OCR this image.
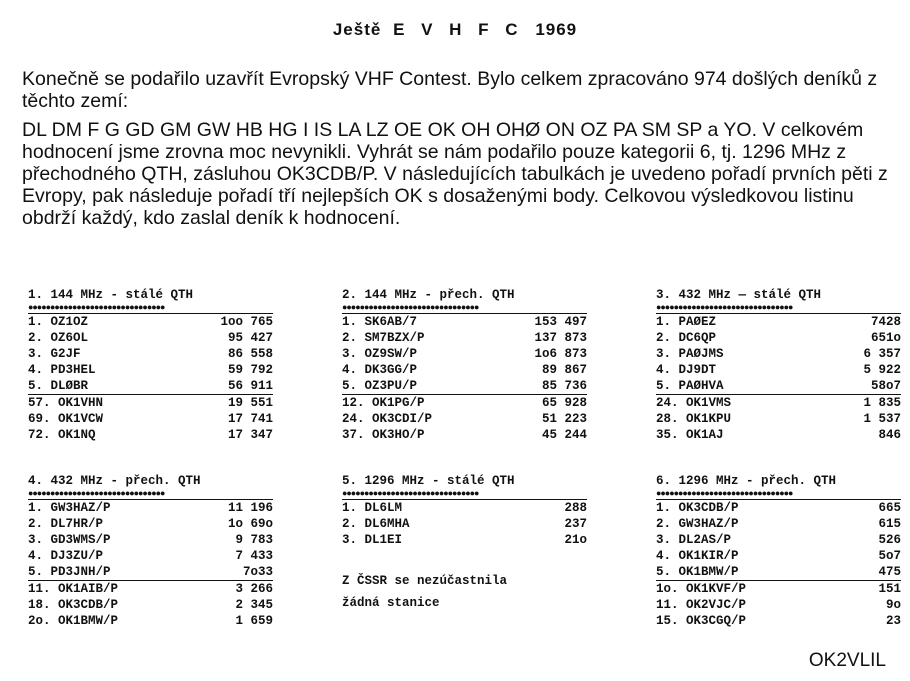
Ještě E V H F C 1969

Konečně se podařilo uzavřít Evropský VHF Contest. Bylo celkem zpracováno 974 došlých deníků z těchto zemí:

DL DM F G GD GM GW HB HG I IS LA LZ OE OK OH OHØ ON OZ PA SM SP a YO. V celkovém hodnocení jsme zrovna moc nevynikli. Vyhrát se nám podařilo pouze kategorii 6, tj. 1296 MHz z přechodného QTH, zásluhou OK3CDB/P. V následujících tabulkách je uvedeno pořadí prvních pěti z Evropy, pak následuje pořadí tří nejlepších OK s dosaženými body. Celkovou výsledkovou listinu obdrží každý, kdo zaslal deník k hodnocení.

1. 144 MHz - stálé QTH
●●●●●●●●●●●●●●●●●●●●●●●●●●●●●●●
1. OZ1OZ	1oo 765
2. OZ6OL	95 427
3. G2JF	86 558
4. PD3HEL	59 792
5. DLØBR	56 911
57. OK1VHN	19 551
69. OK1VCW	17 741
72. OK1NQ	17 347
2. 144 MHz - přech. QTH
●●●●●●●●●●●●●●●●●●●●●●●●●●●●●●●
1. SK6AB/7	153 497
2. SM7BZX/P	137 873
3. OZ9SW/P	1o6 873
4. DK3GG/P	89 867
5. OZ3PU/P	85 736
12. OK1PG/P	65 928
24. OK3CDI/P	51 223
37. OK3HO/P	45 244
3. 432 MHz — stálé QTH
●●●●●●●●●●●●●●●●●●●●●●●●●●●●●●●
1. PAØEZ	7428
2. DC6QP	651o
3. PAØJMS	6 357
4. DJ9DT	5 922
5. PAØHVA	58o7
24. OK1VMS	1 835
28. OK1KPU	1 537
35. OK1AJ	846
4. 432 MHz - přech. QTH
●●●●●●●●●●●●●●●●●●●●●●●●●●●●●●●
1. GW3HAZ/P	11 196
2. DL7HR/P	1o 69o
3. GD3WMS/P	9 783
4. DJ3ZU/P	7 433
5. PD3JNH/P	7o33
11. OK1AIB/P	3 266
18. OK3CDB/P	2 345
2o. OK1BMW/P	1 659
5. 1296 MHz - stálé QTH
●●●●●●●●●●●●●●●●●●●●●●●●●●●●●●●
1. DL6LM	288
2. DL6MHA	237
3. DL1EI	21o
6. 1296 MHz - přech. QTH
●●●●●●●●●●●●●●●●●●●●●●●●●●●●●●●
1. OK3CDB/P	665
2. GW3HAZ/P	615
3. DL2AS/P	526
4. OK1KIR/P	5o7
5. OK1BMW/P	475
1o. OK1KVF/P	151
11. OK2VJC/P	9o
15. OK3CGQ/P	23
Z ČSSR se nezúčastnila
žádná stanice
OK2VLIL
